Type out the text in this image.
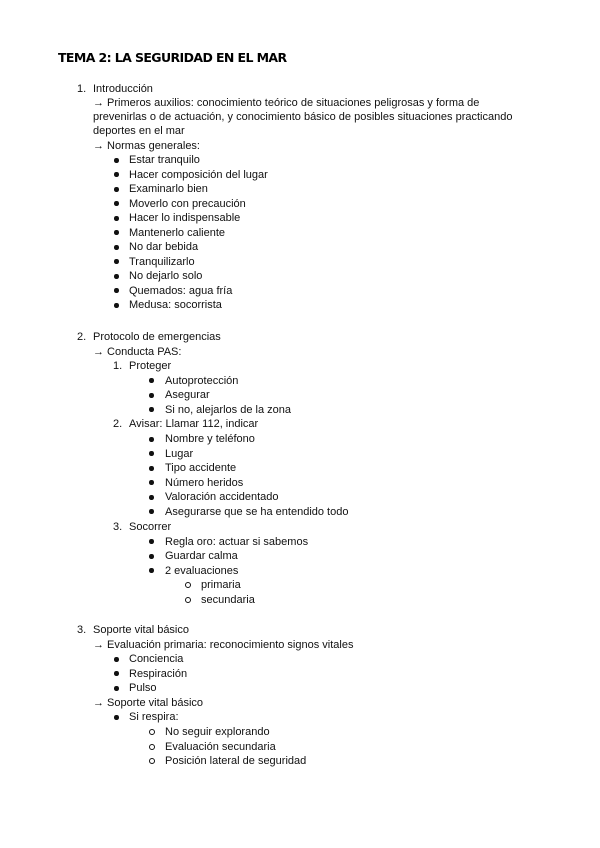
TEMA 2: LA SEGURIDAD EN EL MAR
1. Introducción
→ Primeros auxilios: conocimiento teórico de situaciones peligrosas y forma de
prevenirlas o de actuación, y conocimiento básico de posibles situaciones practicando
deportes en el mar
→ Normas generales:
Estar tranquilo
Hacer composición del lugar
Examinarlo bien
Moverlo con precaución
Hacer lo indispensable
Mantenerlo caliente
No dar bebida
Tranquilizarlo
No dejarlo solo
Quemados: agua fría
Medusa: socorrista
2. Protocolo de emergencias
→ Conducta PAS:
1. Proteger
Autoprotección
Asegurar
Si no, alejarlos de la zona
2. Avisar: Llamar 112, indicar
Nombre y teléfono
Lugar
Tipo accidente
Número heridos
Valoración accidentado
Asegurarse que se ha entendido todo
3. Socorrer
Regla oro: actuar si sabemos
Guardar calma
2 evaluaciones
primaria
secundaria
3. Soporte vital básico
→ Evaluación primaria: reconocimiento signos vitales
Conciencia
Respiración
Pulso
→ Soporte vital básico
Si respira:
No seguir explorando
Evaluación secundaria
Posición lateral de seguridad
